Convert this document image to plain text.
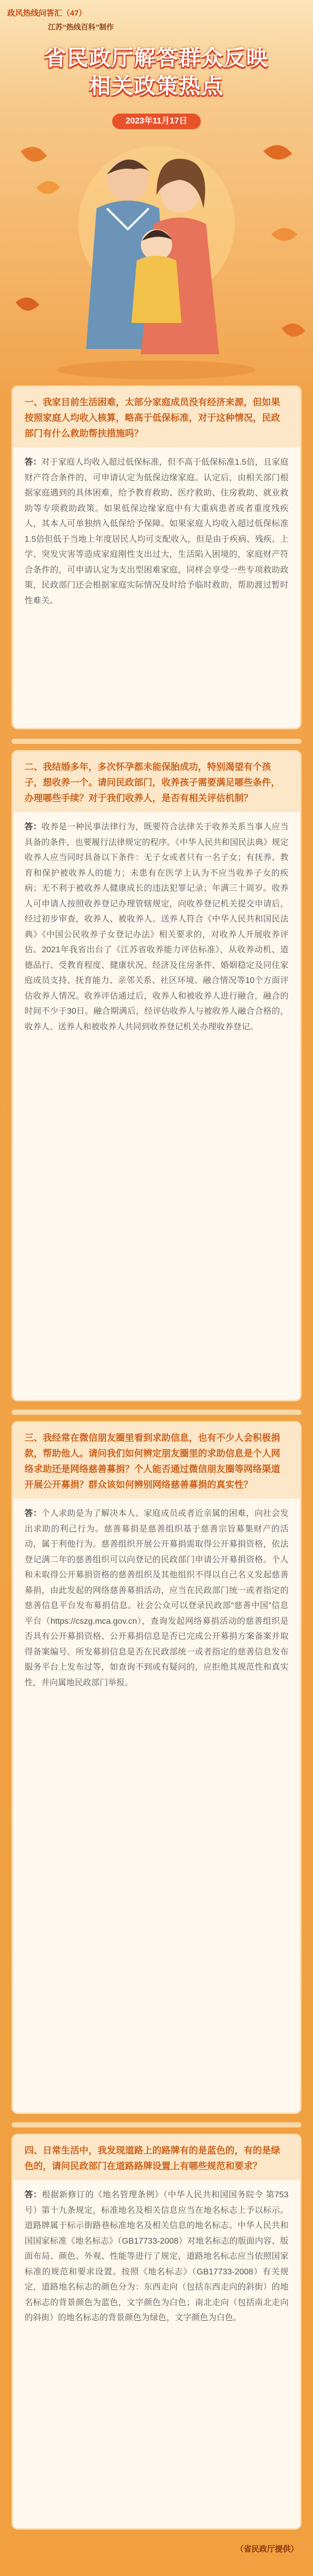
政风热线问答汇（47）
江苏“热线百科”制作
省民政厅解答群众反映
相关政策热点
2023年11月17日
一、我家目前生活困难，太部分家庭成员没有经济来源，但如果按照家庭人均收入核算，略高于低保标准，对于这种情况，民政部门有什么救助帮扶措施吗？
答：对于家庭人均收入超过低保标准，但不高于低保标准1.5倍，且家庭财产符合条件的，可申请认定为低保边缘家庭。认定后，由相关部门根据家庭遇到的具体困难，给予教育救助、医疗救助、住房救助、就业救助等专项救助政策。如果低保边缘家庭中有大重病患者或者重度残疾人，其本人可单独纳入低保给予保障。如果家庭人均收入超过低保标准1.5倍但低于当地上年度居民人均可支配收入，但是由于疾病、残疾、上学、突发灾害等造成家庭刚性支出过大，生活陷入困境的，家庭财产符合条件的，可申请认定为支出型困难家庭，同样会享受一些专项救助政策，民政部门还会根据家庭实际情况及时给予临时救助，帮助渡过暂时性难关。
二、我结婚多年，多次怀孕都未能保胎成功，特别渴望有个孩子，想收养一个。请问民政部门，收养孩子需要满足哪些条件，办理哪些手续？对于我们收养人，是否有相关评估机制？
答：收养是一种民事法律行为，既要符合法律关于收养关系当事人应当具备的条件，也要履行法律规定的程序。《中华人民共和国民法典》规定收养人应当同时具备以下条件：无子女或者只有一名子女；有抚养、教育和保护被收养人的能力；未患有在医学上认为不应当收养子女的疾病；无不利于被收养人健康成长的违法犯罪记录；年满三十周岁。收养人可申请人按照收养登记办理管辖规定，向收养登记机关提交申请后，经过初步审查，收养人、被收养人、送养人符合《中华人民共和国民法典》《中国公民收养子女登记办法》相关要求的，对收养人开展收养评估。2021年我省出台了《江苏省收养能力评估标准》，从收养动机、道德品行、受教育程度、健康状况、经济及住房条件、婚姻稳定及同住家庭成员支持、抚育能力、亲邻关系、社区环境、融合情况等10个方面评估收养人情况。收养评估通过后，收养人和被收养人进行融合，融合的时间不少于30日。融合期满后，经评估收养人与被收养人融合合格的，收养人、送养人和被收养人共同到收养登记机关办理收养登记。
三、我经常在微信朋友圈里看到求助信息，也有不少人会积极捐款，帮助他人。请问我们如何辨定朋友圈里的求助信息是个人网络求助还是网络慈善募捐？个人能否通过微信朋友圈等网络渠道开展公开募捐？群众该如何辨别网络慈善募捐的真实性？
答：个人求助是为了解决本人、家庭成员或者近亲属的困难，向社会发出求助的利己行为。慈善募捐是慈善组织基于慈善宗旨募集财产的活动，属于利他行为。慈善组织开展公开募捐需取得公开募捐资格，依法登记满二年的慈善组织可以向登记的民政部门申请公开募捐资格。个人和未取得公开募捐资格的慈善组织及其他组织不得以自己名义发起慈善募捐，由此发起的网络慈善募捐活动，应当在民政部门统一或者指定的慈善信息平台发布募捐信息。社会公众可以登录民政部“慈善中国”信息平台（https://cszg.mca.gov.cn），查询发起网络募捐活动的慈善组织是否具有公开募捐资格、公开募捐信息是否已完成公开募捐方案备案并取得备案编号、所发募捐信息是否在民政部统一或者指定的慈善信息发布服务平台上发布过等，如查询不到或有疑问的，应拒绝其规范性和真实性，并向属地民政部门举报。
四、日常生活中，我发现道路上的路牌有的是蓝色的，有的是绿色的，请问民政部门在道路路牌设置上有哪些规范和要求？
答：根据新修订的《地名管理条例》（中华人民共和国国务院令 第753号）第十九条规定，标准地名及相关信息应当在地名标志上予以标示。道路牌属于标示街路巷标准地名及相关信息的地名标志。中华人民共和国国家标准《地名标志》（GB17733-2008）对地名标志的版面内容、版面布局、颜色、外观、性能等进行了规定，道路地名标志应当依照国家标准的规范和要求设置。按照《地名标志》（GB17733-2008）有关规定，道路地名标志的颜色分为：东西走向（包括东西走向的斜街）的地名标志的背景颜色为蓝色，文字颜色为白色；南北走向（包括南北走向的斜街）的地名标志的背景颜色为绿色，文字颜色为白色。
（省民政厅提供）
